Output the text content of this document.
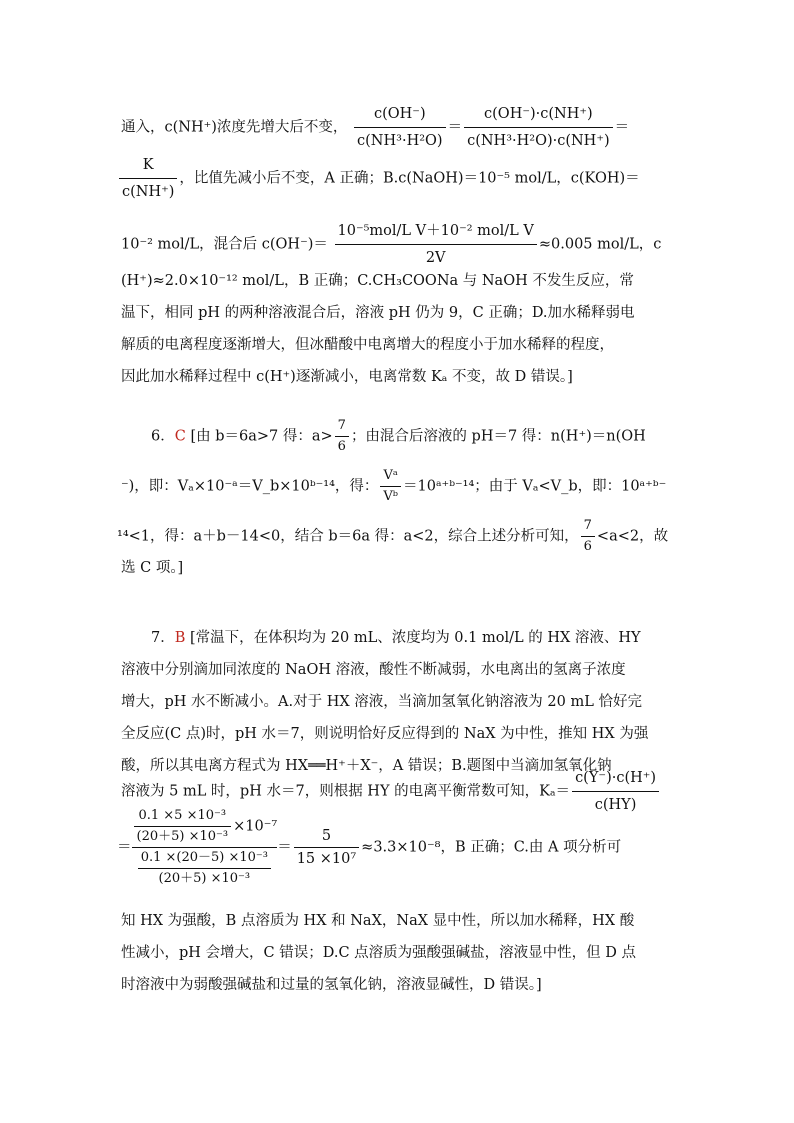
通入，c(NH⁺)浓度先增大后不变， $\frac{c(OH^-)}{\text{c(NH³·H²O)}} = \frac{c(OH^-)\cdot c(NH^+)}{\text{c(NH³·H²O)·c(NH⁺)}}$ ＝
$\frac{K}{c(NH^+)}$ ，比值先减小后不变，A 正确；B.c(NaOH)＝10⁻⁵ mol/L，c(KOH)＝
10⁻² mol/L，混合后 $c(OH^-)= \frac{\text{10⁻⁵mol/L V＋10⁻² mol/L V}}{2V} \approx 0.005$ mol/L，c
(H⁺)≈2.0×10⁻¹² mol/L，B 正确；C.CH₃COONa 与 NaOH 不发生反应，常
温下，相同 pH 的两种溶液混合后，溶液 pH 仍为 9，C 正确；D.加水稀释弱电
解质的电离程度逐渐增大，但冰醋酸中电离增大的程度小于加水稀释的程度，
因此加水稀释过程中 c(H⁺)逐渐减小，电离常数 Kₐ 不变，故 D 错误。]
6．C [由 b＝6a>7 得：$a> \frac{7}{6}$ ；由混合后溶液的 pH＝7 得：n(H⁺)＝n(OH
⁻)，即：Vₐ×10⁻ᵃ＝V_b×10ᵇ⁻¹⁴，得： $\frac{\text{Vᵃ}}{\text{Vᵇ}}$ ＝10ᵃ⁺ᵇ⁻¹⁴；由于 Vₐ<V_b，即：10ᵃ⁺ᵇ⁻
¹⁴<1，得：a＋b－14<0，结合 b＝6a 得：a<2，综合上述分析可知， $\frac{7}{6} <a<2$，故
选 C 项。]
7．B [常温下，在体积均为 20 mL、浓度均为 0.1 mol/L 的 HX 溶液、HY
溶液中分别滴加同浓度的 NaOH 溶液，酸性不断减弱，水电离出的氢离子浓度
增大，pH 水不断减小。A.对于 HX 溶液，当滴加氢氧化钠溶液为 20 mL 恰好完
全反应(C 点)时，pH 水＝7，则说明恰好反应得到的 NaX 为中性，推知 HX 为强
酸，所以其电离方程式为 HX══H⁺＋X⁻，A 错误；B.题图中当滴加氢氧化钠
溶液为 5 mL 时，pH 水＝7，则根据 HY 的电离平衡常数可知，$K_a= \frac{c(Y^-)\cdot c(H^+)}{c(HY)}$
＝ $\frac{\frac{\text{0.1 ×5 ×10⁻³}}{\text{(20＋5) ×10⁻³}} \times 10^{-7}}{\frac{\text{0.1 ×(20－5) ×10⁻³}}{\text{(20＋5) ×10⁻³}}} = \frac{5}{\text{15 ×10⁷}} \approx 3.3\times 10^{-8}$，B 正确；C.由 A 项分析可
知 HX 为强酸，B 点溶质为 HX 和 NaX，NaX 显中性，所以加水稀释，HX 酸
性减小，pH 会增大，C 错误；D.C 点溶质为强酸强碱盐，溶液显中性，但 D 点
时溶液中为弱酸强碱盐和过量的氢氧化钠，溶液显碱性，D 错误。]
